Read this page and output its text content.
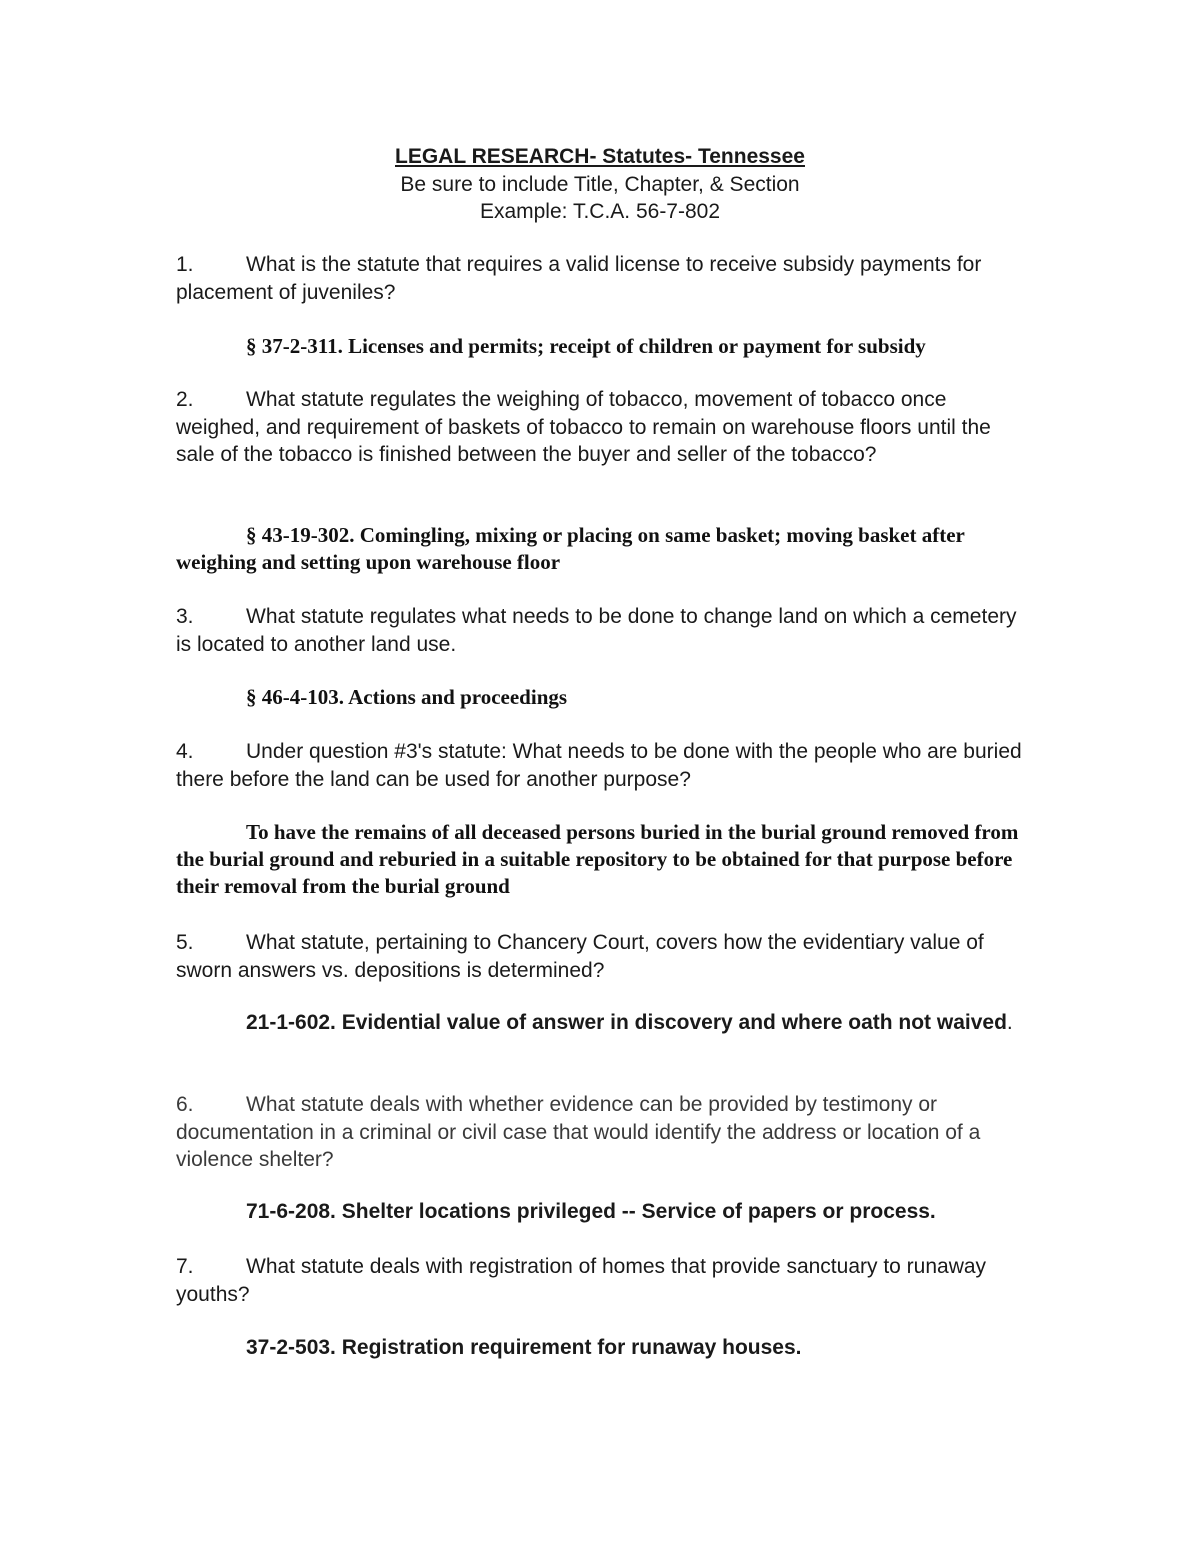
LEGAL RESEARCH- Statutes- Tennessee
Be sure to include Title, Chapter, & Section
Example: T.C.A. 56-7-802

1. What is the statute that requires a valid license to receive subsidy payments for placement of juveniles?

§ 37-2-311. Licenses and permits; receipt of children or payment for subsidy

2. What statute regulates the weighing of tobacco, movement of tobacco once weighed, and requirement of baskets of tobacco to remain on warehouse floors until the sale of the tobacco is finished between the buyer and seller of the tobacco?

§ 43-19-302. Comingling, mixing or placing on same basket; moving basket after weighing and setting upon warehouse floor

3. What statute regulates what needs to be done to change land on which a cemetery is located to another land use.

§ 46-4-103. Actions and proceedings

4. Under question #3's statute: What needs to be done with the people who are buried there before the land can be used for another purpose?

To have the remains of all deceased persons buried in the burial ground removed from the burial ground and reburied in a suitable repository to be obtained for that purpose before their removal from the burial ground

5. What statute, pertaining to Chancery Court, covers how the evidentiary value of sworn answers vs. depositions is determined?

21-1-602. Evidential value of answer in discovery and where oath not waived.

6. What statute deals with whether evidence can be provided by testimony or documentation in a criminal or civil case that would identify the address or location of a violence shelter?

71-6-208. Shelter locations privileged -- Service of papers or process.

7. What statute deals with registration of homes that provide sanctuary to runaway youths?

37-2-503. Registration requirement for runaway houses.
